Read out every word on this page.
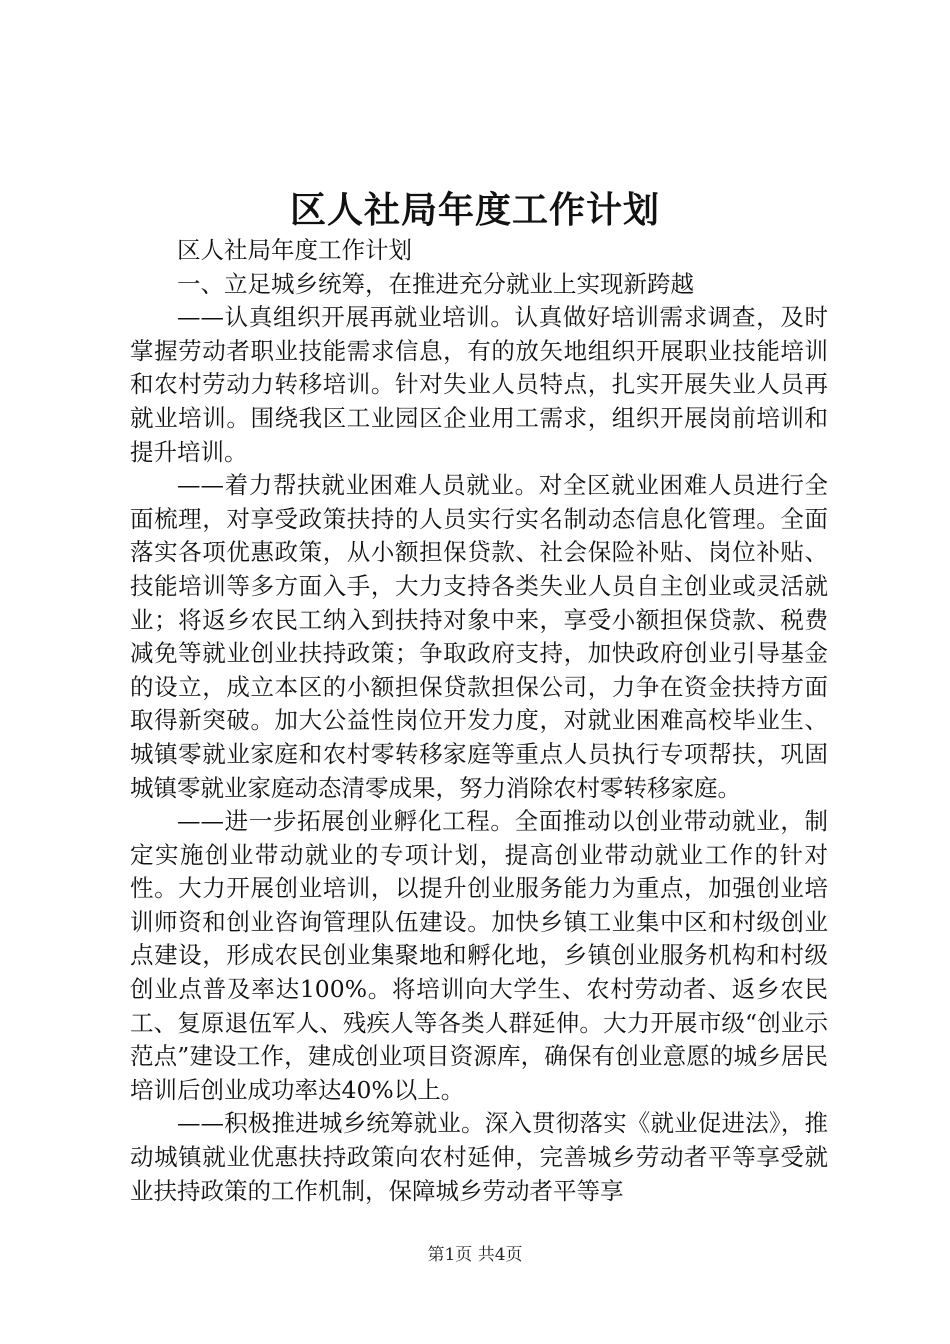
区人社局年度工作计划

区人社局年度工作计划

一、立足城乡统筹，在推进充分就业上实现新跨越

——认真组织开展再就业培训。认真做好培训需求调查，及时掌握劳动者职业技能需求信息，有的放矢地组织开展职业技能培训和农村劳动力转移培训。针对失业人员特点，扎实开展失业人员再就业培训。围绕我区工业园区企业用工需求，组织开展岗前培训和提升培训。

——着力帮扶就业困难人员就业。对全区就业困难人员进行全面梳理，对享受政策扶持的人员实行实名制动态信息化管理。全面落实各项优惠政策，从小额担保贷款、社会保险补贴、岗位补贴、技能培训等多方面入手，大力支持各类失业人员自主创业或灵活就业；将返乡农民工纳入到扶持对象中来，享受小额担保贷款、税费减免等就业创业扶持政策；争取政府支持，加快政府创业引导基金的设立，成立本区的小额担保贷款担保公司，力争在资金扶持方面取得新突破。加大公益性岗位开发力度，对就业困难高校毕业生、城镇零就业家庭和农村零转移家庭等重点人员执行专项帮扶，巩固城镇零就业家庭动态清零成果，努力消除农村零转移家庭。

——进一步拓展创业孵化工程。全面推动以创业带动就业，制定实施创业带动就业的专项计划，提高创业带动就业工作的针对性。大力开展创业培训，以提升创业服务能力为重点，加强创业培训师资和创业咨询管理队伍建设。加快乡镇工业集中区和村级创业点建设，形成农民创业集聚地和孵化地，乡镇创业服务机构和村级创业点普及率达100%。将培训向大学生、农村劳动者、返乡农民工、复原退伍军人、残疾人等各类人群延伸。大力开展市级“创业示范点”建设工作，建成创业项目资源库，确保有创业意愿的城乡居民培训后创业成功率达40%以上。

——积极推进城乡统筹就业。深入贯彻落实《就业促进法》，推动城镇就业优惠扶持政策向农村延伸，完善城乡劳动者平等享受就业扶持政策的工作机制，保障城乡劳动者平等享

第1页 共4页
